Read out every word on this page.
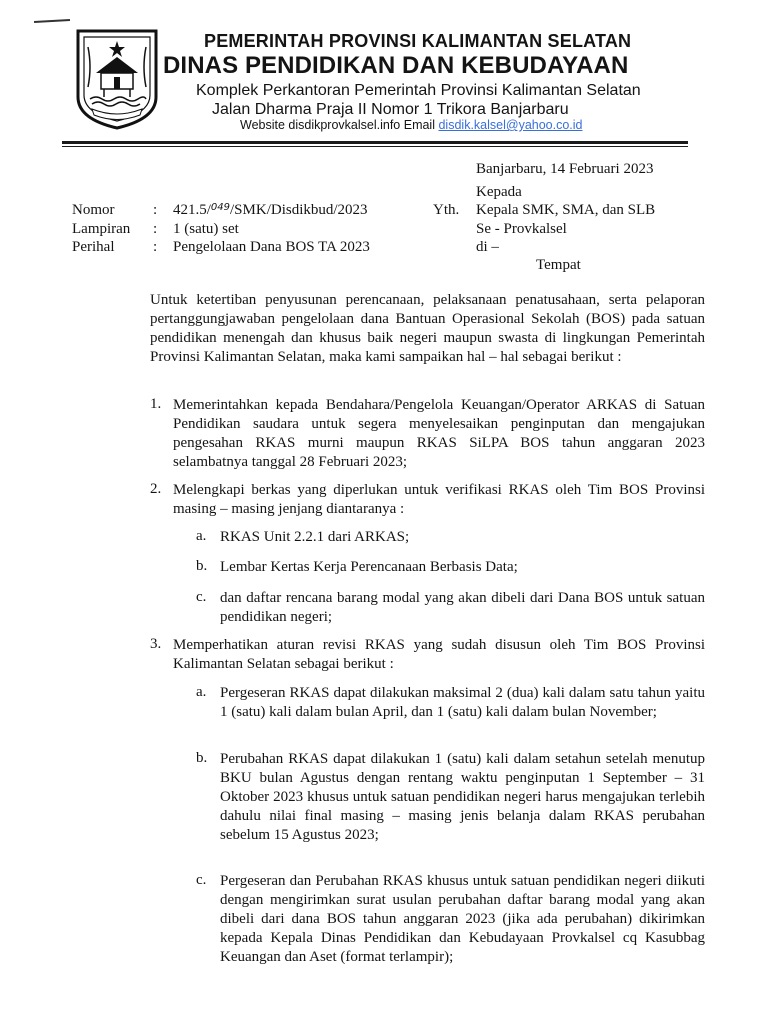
PEMERINTAH PROVINSI KALIMANTAN SELATAN
DINAS PENDIDIKAN DAN KEBUDAYAAN
Komplek Perkantoran Pemerintah Provinsi Kalimantan Selatan
Jalan Dharma Praja II Nomor 1 Trikora Banjarbaru
Website disdikprovkalsel.info Email disdik.kalsel@yahoo.co.id
Banjarbaru, 14 Februari 2023
Kepada
Yth. Kepala SMK, SMA, dan SLB
Se - Provkalsel
di –
Tempat
Nomor	: 421.5/$^{049}$/SMK/Disdikbud/2023
Lampiran : 1 (satu) set
Perihal	: Pengelolaan Dana BOS TA 2023
Untuk ketertiban penyusunan perencanaan, pelaksanaan penatusahaan, serta pelaporan pertanggungjawaban pengelolaan dana Bantuan Operasional Sekolah (BOS) pada satuan pendidikan menengah dan khusus baik negeri maupun swasta di lingkungan Pemerintah Provinsi Kalimantan Selatan, maka kami sampaikan hal – hal sebagai berikut :
1. Memerintahkan kepada Bendahara/Pengelola Keuangan/Operator ARKAS di Satuan Pendidikan saudara untuk segera menyelesaikan penginputan dan mengajukan pengesahan RKAS murni maupun RKAS SiLPA BOS tahun anggaran 2023 selambatnya tanggal 28 Februari 2023;
2. Melengkapi berkas yang diperlukan untuk verifikasi RKAS oleh Tim BOS Provinsi masing – masing jenjang diantaranya :
a. RKAS Unit 2.2.1 dari ARKAS;
b. Lembar Kertas Kerja Perencanaan Berbasis Data;
c. dan daftar rencana barang modal yang akan dibeli dari Dana BOS untuk satuan pendidikan negeri;
3. Memperhatikan aturan revisi RKAS yang sudah disusun oleh Tim BOS Provinsi Kalimantan Selatan sebagai berikut :
a. Pergeseran RKAS dapat dilakukan maksimal 2 (dua) kali dalam satu tahun yaitu 1 (satu) kali dalam bulan April, dan 1 (satu) kali dalam bulan November;
b. Perubahan RKAS dapat dilakukan 1 (satu) kali dalam setahun setelah menutup BKU bulan Agustus dengan rentang waktu penginputan 1 September – 31 Oktober 2023 khusus untuk satuan pendidikan negeri harus mengajukan terlebih dahulu nilai final masing – masing jenis belanja dalam RKAS perubahan sebelum 15 Agustus 2023;
c. Pergeseran dan Perubahan RKAS khusus untuk satuan pendidikan negeri diikuti dengan mengirimkan surat usulan perubahan daftar barang modal yang akan dibeli dari dana BOS tahun anggaran 2023 (jika ada perubahan) dikirimkan kepada Kepala Dinas Pendidikan dan Kebudayaan Provkalsel cq Kasubbag Keuangan dan Aset (format terlampir);
